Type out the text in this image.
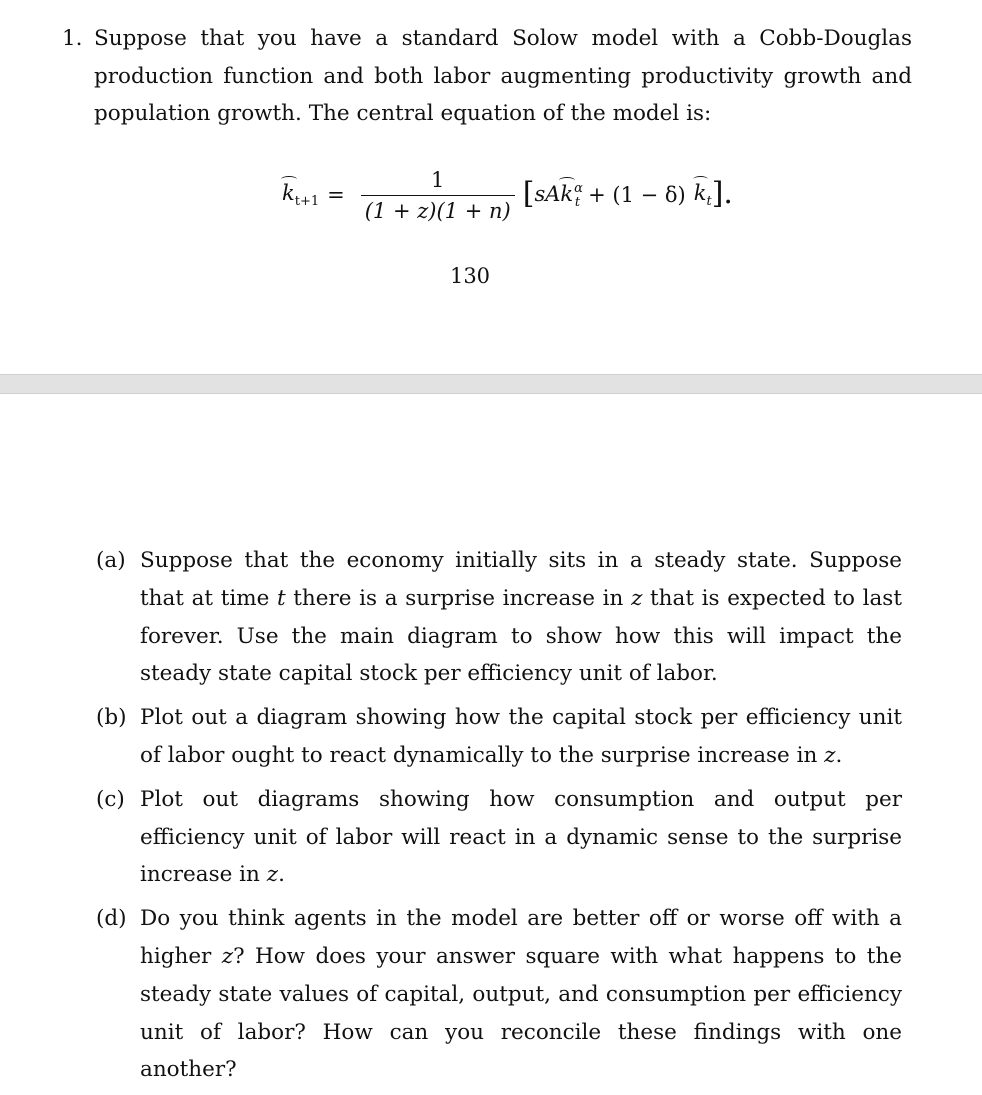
1. Suppose that you have a standard Solow model with a Cobb-Douglas production function and both labor augmenting productivity growth and population growth. The central equation of the model is:
$k_{t+1} = \frac{1}{(1 + z)(1 + n)}$ [ sAk$^\alpha_t$ + (1 − δ) $k_t$ ].
130
(a) Suppose that the economy initially sits in a steady state. Suppose that at time t there is a surprise increase in z that is expected to last forever. Use the main diagram to show how this will impact the steady state capital stock per efficiency unit of labor.
(b) Plot out a diagram showing how the capital stock per efficiency unit of labor ought to react dynamically to the surprise increase in z.
(c) Plot out diagrams showing how consumption and output per efficiency unit of labor will react in a dynamic sense to the surprise increase in z.
(d) Do you think agents in the model are better off or worse off with a higher z? How does your answer square with what happens to the steady state values of capital, output, and consumption per efficiency unit of labor? How can you reconcile these findings with one another?
